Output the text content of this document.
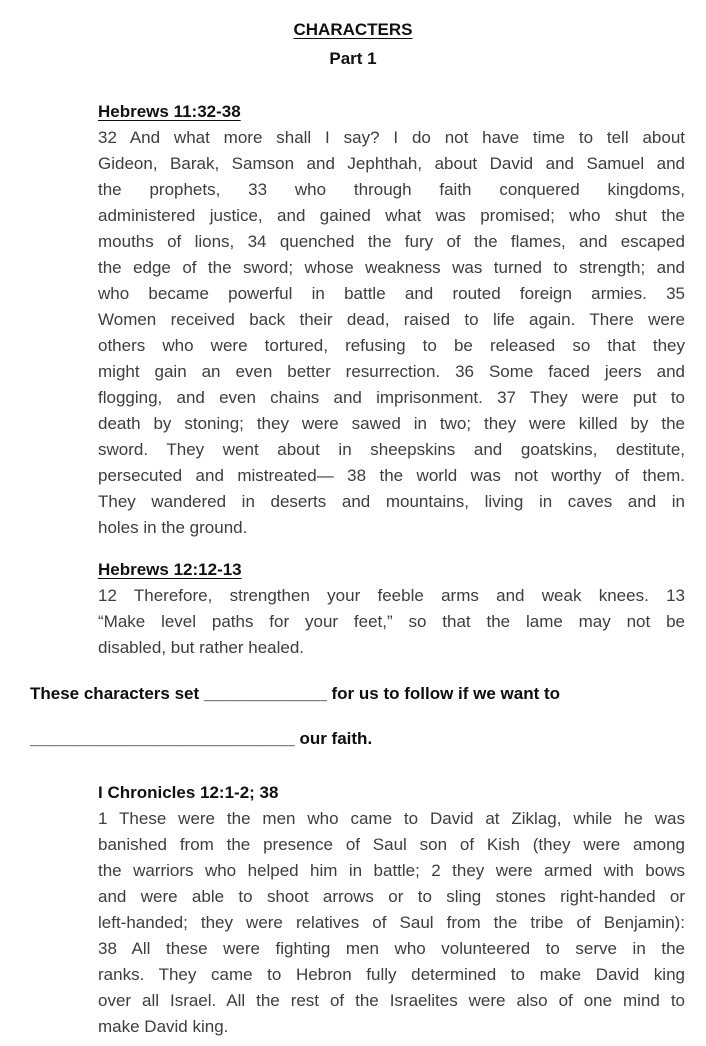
CHARACTERS
Part 1
Hebrews 11:32-38
32 And what more shall I say? I do not have time to tell about
Gideon, Barak, Samson and Jephthah, about David and Samuel and
the prophets, 33 who through faith conquered kingdoms,
administered justice, and gained what was promised; who shut the
mouths of lions, 34 quenched the fury of the flames, and escaped
the edge of the sword; whose weakness was turned to strength; and
who became powerful in battle and routed foreign armies. 35
Women received back their dead, raised to life again. There were
others who were tortured, refusing to be released so that they
might gain an even better resurrection. 36 Some faced jeers and
flogging, and even chains and imprisonment. 37 They were put to
death by stoning; they were sawed in two; they were killed by the
sword. They went about in sheepskins and goatskins, destitute,
persecuted and mistreated— 38 the world was not worthy of them.
They wandered in deserts and mountains, living in caves and in
holes in the ground.
Hebrews 12:12-13
12 Therefore, strengthen your feeble arms and weak knees. 13
“Make level paths for your feet,” so that the lame may not be
disabled, but rather healed.

These characters set _____________ for us to follow if we want to

____________________________ our faith.

I Chronicles 12:1-2; 38
1 These were the men who came to David at Ziklag, while he was
banished from the presence of Saul son of Kish (they were among
the warriors who helped him in battle; 2 they were armed with bows
and were able to shoot arrows or to sling stones right-handed or
left-handed; they were relatives of Saul from the tribe of Benjamin):
38 All these were fighting men who volunteered to serve in the
ranks. They came to Hebron fully determined to make David king
over all Israel. All the rest of the Israelites were also of one mind to
make David king.
